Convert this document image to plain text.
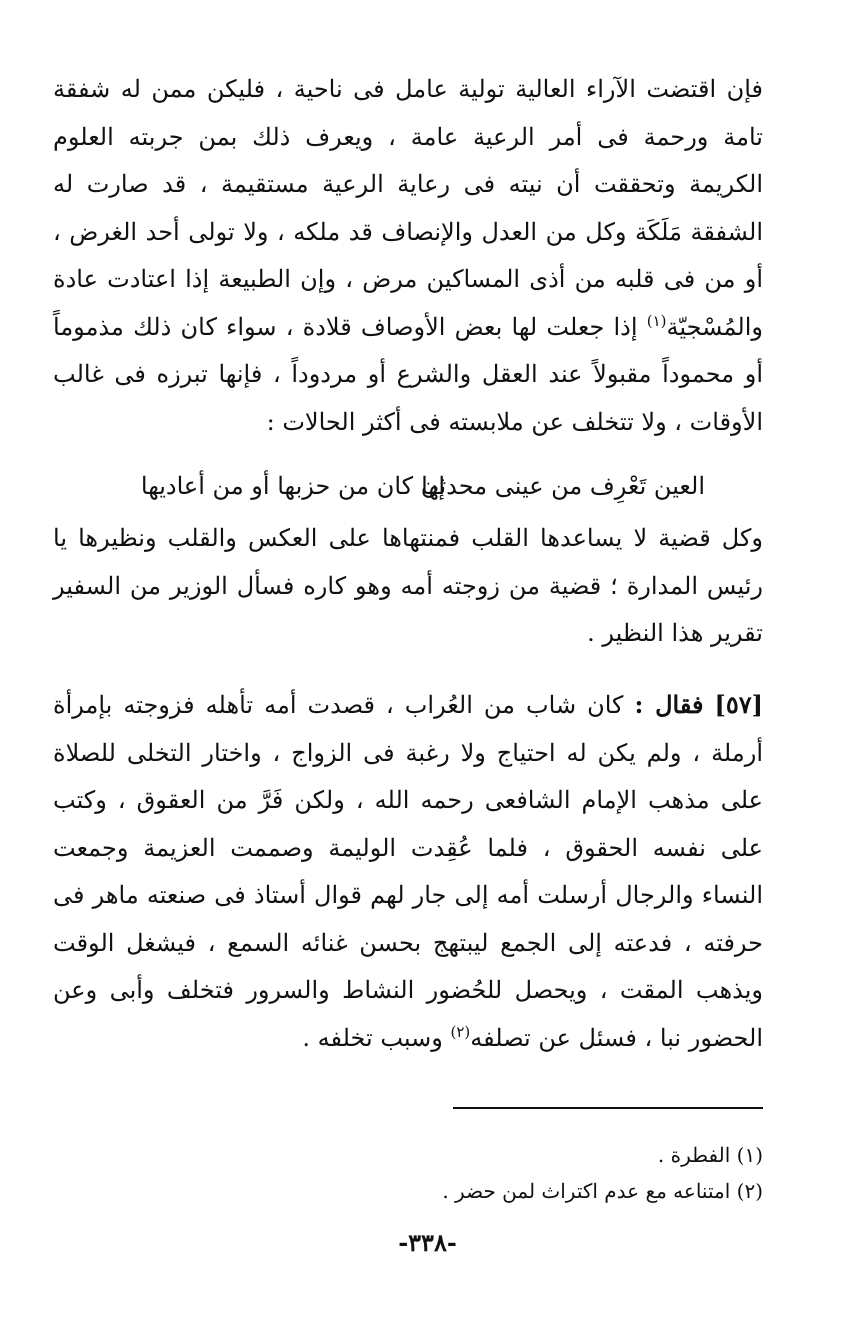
فإن اقتضت الآراء العالية تولية عامل فى ناحية ، فليكن ممن له شفقة تامة ورحمة فى أمر الرعية عامة ، ويعرف ذلك بمن جربته العلوم الكريمة وتحققت أن نيته فى رعاية الرعية مستقيمة ، قد صارت له الشفقة مَلَكَة وكل من العدل والإنصاف قد ملكه ، ولا تولى أحد الغرض ، أو من فى قلبه من أذى المساكين مرض ، وإن الطبيعة إذا اعتادت عادة والمُسْجيّة$^{(١)}$ إذا جعلت لها بعض الأوصاف قلادة ، سواء كان ذلك مذموماً أو محموداً مقبولاً عند العقل والشرع أو مردوداً ، فإنها تبرزه فى غالب الأوقات ، ولا تتخلف عن ملابسته فى أكثر الحالات :
العين تَعْرِف من عينى محدثها
إن كان من حزبها أو من أعاديها
وكل قضية لا يساعدها القلب فمنتهاها على العكس والقلب ونظيرها يا رئيس المدارة ؛ قضية من زوجته أمه وهو كاره فسأل الوزير من السفير تقرير هذا النظير .
[٥٧] فقال : كان شاب من العُراب ، قصدت أمه تأهله فزوجته بإمرأة أرملة ، ولم يكن له احتياج ولا رغبة فى الزواج ، واختار التخلى للصلاة على مذهب الإمام الشافعى رحمه الله ، ولكن فَرَّ من العقوق ، وكتب على نفسه الحقوق ، فلما عُقِدت الوليمة وصممت العزيمة وجمعت النساء والرجال أرسلت أمه إلى جار لهم قوال أستاذ فى صنعته ماهر فى حرفته ، فدعته إلى الجمع ليبتهج بحسن غنائه السمع ، فيشغل الوقت ويذهب المقت ، ويحصل للحُضور النشاط والسرور فتخلف وأبى وعن الحضور نبا ، فسئل عن تصلفه$^{(٢)}$ وسبب تخلفه .
(١) الفطرة .
(٢) امتناعه مع عدم اكتراث لمن حضر .
-٣٣٨-
